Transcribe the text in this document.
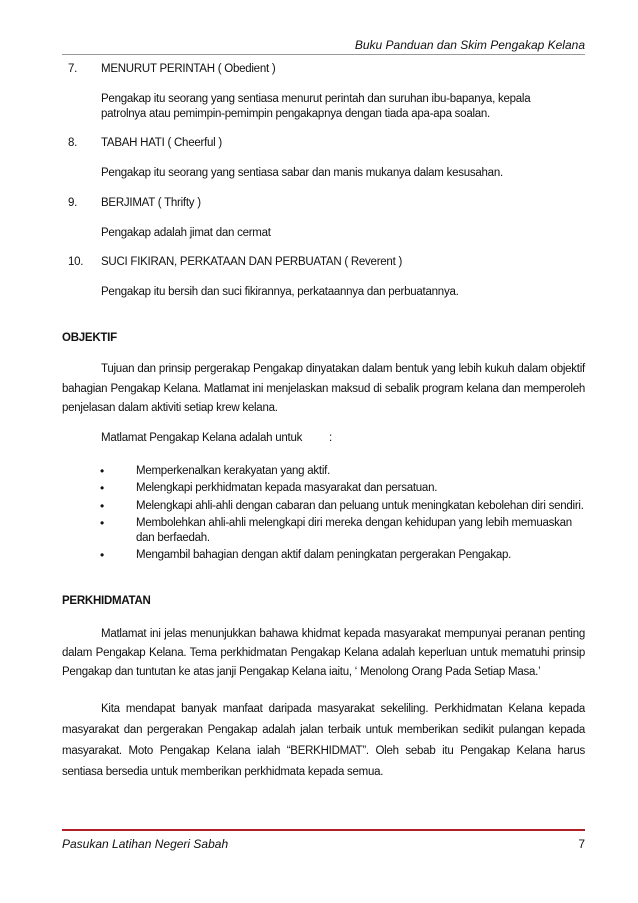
Buku Panduan dan Skim Pengakap Kelana
7. MENURUT PERINTAH ( Obedient )
Pengakap itu seorang yang sentiasa menurut perintah dan suruhan ibu-bapanya, kepala
patrolnya atau pemimpin-pemimpin pengakapnya dengan tiada apa-apa soalan.
8. TABAH HATI ( Cheerful )
Pengakap itu seorang yang sentiasa sabar dan manis mukanya dalam kesusahan.
9. BERJIMAT ( Thrifty )
Pengakap adalah jimat dan cermat
10. SUCI FIKIRAN, PERKATAAN DAN PERBUATAN ( Reverent )
Pengakap itu bersih dan suci fikirannya, perkataannya dan perbuatannya.
OBJEKTIF
Tujuan dan prinsip pergerakap Pengakap dinyatakan dalam bentuk yang lebih kukuh dalam objektif bahagian Pengakap Kelana. Matlamat ini menjelaskan maksud di sebalik program kelana dan memperoleh penjelasan dalam aktiviti setiap krew kelana.
Matlamat Pengakap Kelana adalah untuk :
•	Memperkenalkan kerakyatan yang aktif.
•	Melengkapi perkhidmatan kepada masyarakat dan persatuan.
•	Melengkapi ahli-ahli dengan cabaran dan peluang untuk meningkatan kebolehan diri sendiri.
•	Membolehkan ahli-ahli melengkapi diri mereka dengan kehidupan yang lebih memuaskan dan berfaedah.
•	Mengambil bahagian dengan aktif dalam peningkatan pergerakan Pengakap.
PERKHIDMATAN
Matlamat ini jelas menunjukkan bahawa khidmat kepada masyarakat mempunyai peranan penting dalam Pengakap Kelana. Tema perkhidmatan Pengakap Kelana adalah keperluan untuk mematuhi prinsip Pengakap dan tuntutan ke atas janji Pengakap Kelana iaitu, ‘ Menolong Orang Pada Setiap Masa.’
Kita mendapat banyak manfaat daripada masyarakat sekeliling. Perkhidmatan Kelana kepada masyarakat dan pergerakan Pengakap adalah jalan terbaik untuk memberikan sedikit pulangan kepada masyarakat. Moto Pengakap Kelana ialah “BERKHIDMAT”. Oleh sebab itu Pengakap Kelana harus sentiasa bersedia untuk memberikan perkhidmata kepada semua.
Pasukan Latihan Negeri Sabah	7
